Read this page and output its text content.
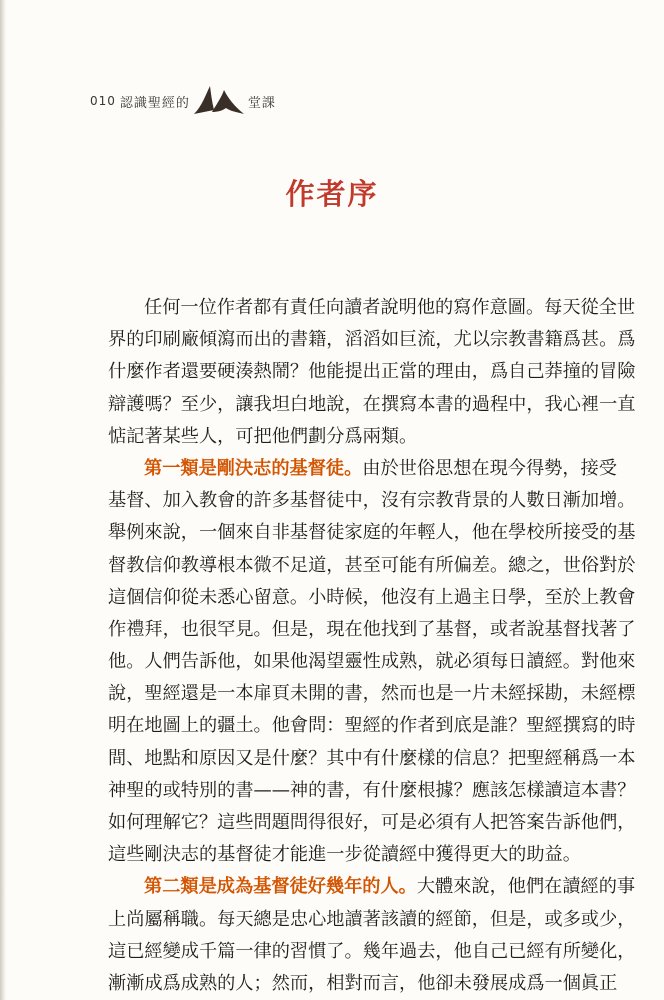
010 認識聖經的	堂課
作者序
任何一位作者都有責任向讀者說明他的寫作意圖。每天從全世
界的印刷廠傾瀉而出的書籍，滔滔如巨流，尤以宗教書籍爲甚。爲
什麼作者還要硬湊熱鬧？他能提出正當的理由，爲自己莽撞的冒險
辯護嗎？至少，讓我坦白地說，在撰寫本書的過程中，我心裡一直
惦記著某些人，可把他們劃分爲兩類。
第一類是剛決志的基督徒。由於世俗思想在現今得勢，接受
基督、加入教會的許多基督徒中，沒有宗教背景的人數日漸加增。
舉例來說，一個來自非基督徒家庭的年輕人，他在學校所接受的基
督教信仰教導根本微不足道，甚至可能有所偏差。總之，世俗對於
這個信仰從未悉心留意。小時候，他沒有上過主日學，至於上教會
作禮拜，也很罕見。但是，現在他找到了基督，或者說基督找著了
他。人們告訴他，如果他渴望靈性成熟，就必須每日讀經。對他來
說，聖經還是一本扉頁未開的書，然而也是一片未經採勘，未經標
明在地圖上的疆土。他會問：聖經的作者到底是誰？聖經撰寫的時
間、地點和原因又是什麼？其中有什麼樣的信息？把聖經稱爲一本
神聖的或特別的書——神的書，有什麼根據？應該怎樣讀這本書？
如何理解它？這些問題問得很好，可是必須有人把答案告訴他們，
這些剛決志的基督徒才能進一步從讀經中獲得更大的助益。
第二類是成為基督徒好幾年的人。大體來說，他們在讀經的事
上尚屬稱職。每天總是忠心地讀著該讀的經節，但是，或多或少，
這已經變成千篇一律的習慣了。幾年過去，他自己已經有所變化，
漸漸成爲成熟的人；然而，相對而言，他卻未發展成爲一個眞正
